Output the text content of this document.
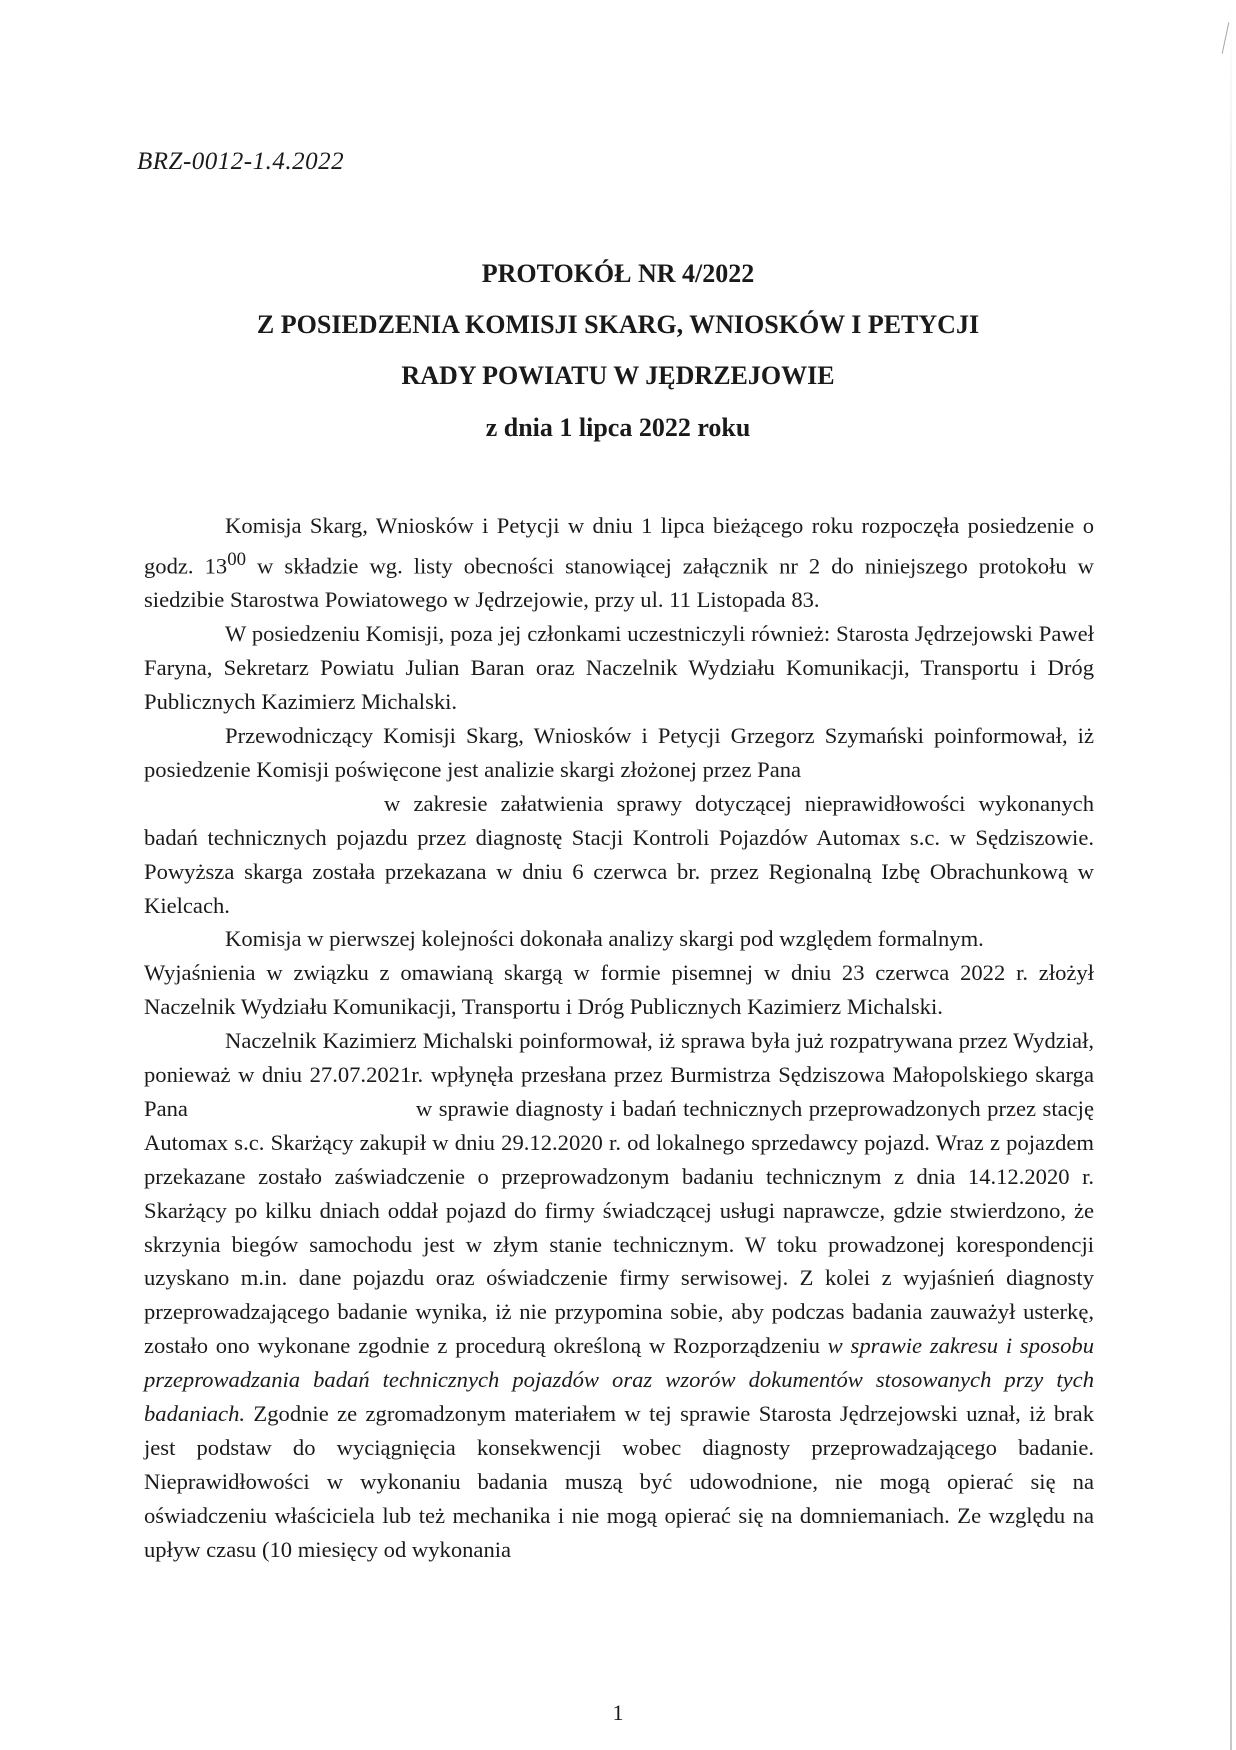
BRZ-0012-1.4.2022
PROTOKÓŁ NR 4/2022
Z POSIEDZENIA KOMISJI SKARG, WNIOSKÓW I PETYCJI
RADY POWIATU W JĘDRZEJOWIE
z dnia 1 lipca 2022 roku

Komisja Skarg, Wniosków i Petycji w dniu 1 lipca bieżącego roku rozpoczęła posiedzenie o godz. $13^{00}$ w składzie wg. listy obecności stanowiącej załącznik nr 2 do niniejszego protokołu w siedzibie Starostwa Powiatowego w Jędrzejowie, przy ul. 11 Listopada 83.

W posiedzeniu Komisji, poza jej członkami uczestniczyli również: Starosta Jędrzejowski Paweł Faryna, Sekretarz Powiatu Julian Baran oraz Naczelnik Wydziału Komunikacji, Transportu i Dróg Publicznych Kazimierz Michalski.

Przewodniczący Komisji Skarg, Wniosków i Petycji Grzegorz Szymański poinformował, iż posiedzenie Komisji poświęcone jest analizie skargi złożonej przez Pana
w zakresie załatwienia sprawy dotyczącej nieprawidłowości wykonanych badań technicznych pojazdu przez diagnostę Stacji Kontroli Pojazdów Automax s.c. w Sędziszowie. Powyższa skarga została przekazana w dniu 6 czerwca br. przez Regionalną Izbę Obrachunkową w Kielcach.

Komisja w pierwszej kolejności dokonała analizy skargi pod względem formalnym.

Wyjaśnienia w związku z omawianą skargą w formie pisemnej w dniu 23 czerwca 2022 r. złożył Naczelnik Wydziału Komunikacji, Transportu i Dróg Publicznych Kazimierz Michalski.

Naczelnik Kazimierz Michalski poinformował, iż sprawa była już rozpatrywana przez Wydział, ponieważ w dniu 27.07.2021r. wpłynęła przesłana przez Burmistrza Sędziszowa Małopolskiego skarga Pana	w sprawie diagnosty i badań technicznych przeprowadzonych przez stację Automax s.c. Skarżący zakupił w dniu 29.12.2020 r. od lokalnego sprzedawcy pojazd. Wraz z pojazdem przekazane zostało zaświadczenie o przeprowadzonym badaniu technicznym z dnia 14.12.2020 r. Skarżący po kilku dniach oddał pojazd do firmy świadczącej usługi naprawcze, gdzie stwierdzono, że skrzynia biegów samochodu jest w złym stanie technicznym. W toku prowadzonej korespondencji uzyskano m.in. dane pojazdu oraz oświadczenie firmy serwisowej. Z kolei z wyjaśnień diagnosty przeprowadzającego badanie wynika, iż nie przypomina sobie, aby podczas badania zauważył usterkę, zostało ono wykonane zgodnie z procedurą określoną w Rozporządzeniu w sprawie zakresu i sposobu przeprowadzania badań technicznych pojazdów oraz wzorów dokumentów stosowanych przy tych badaniach. Zgodnie ze zgromadzonym materiałem w tej sprawie Starosta Jędrzejowski uznał, iż brak jest podstaw do wyciągnięcia konsekwencji wobec diagnosty przeprowadzającego badanie. Nieprawidłowości w wykonaniu badania muszą być udowodnione, nie mogą opierać się na oświadczeniu właściciela lub też mechanika i nie mogą opierać się na domniemaniach. Ze względu na upływ czasu (10 miesięcy od wykonania

1
